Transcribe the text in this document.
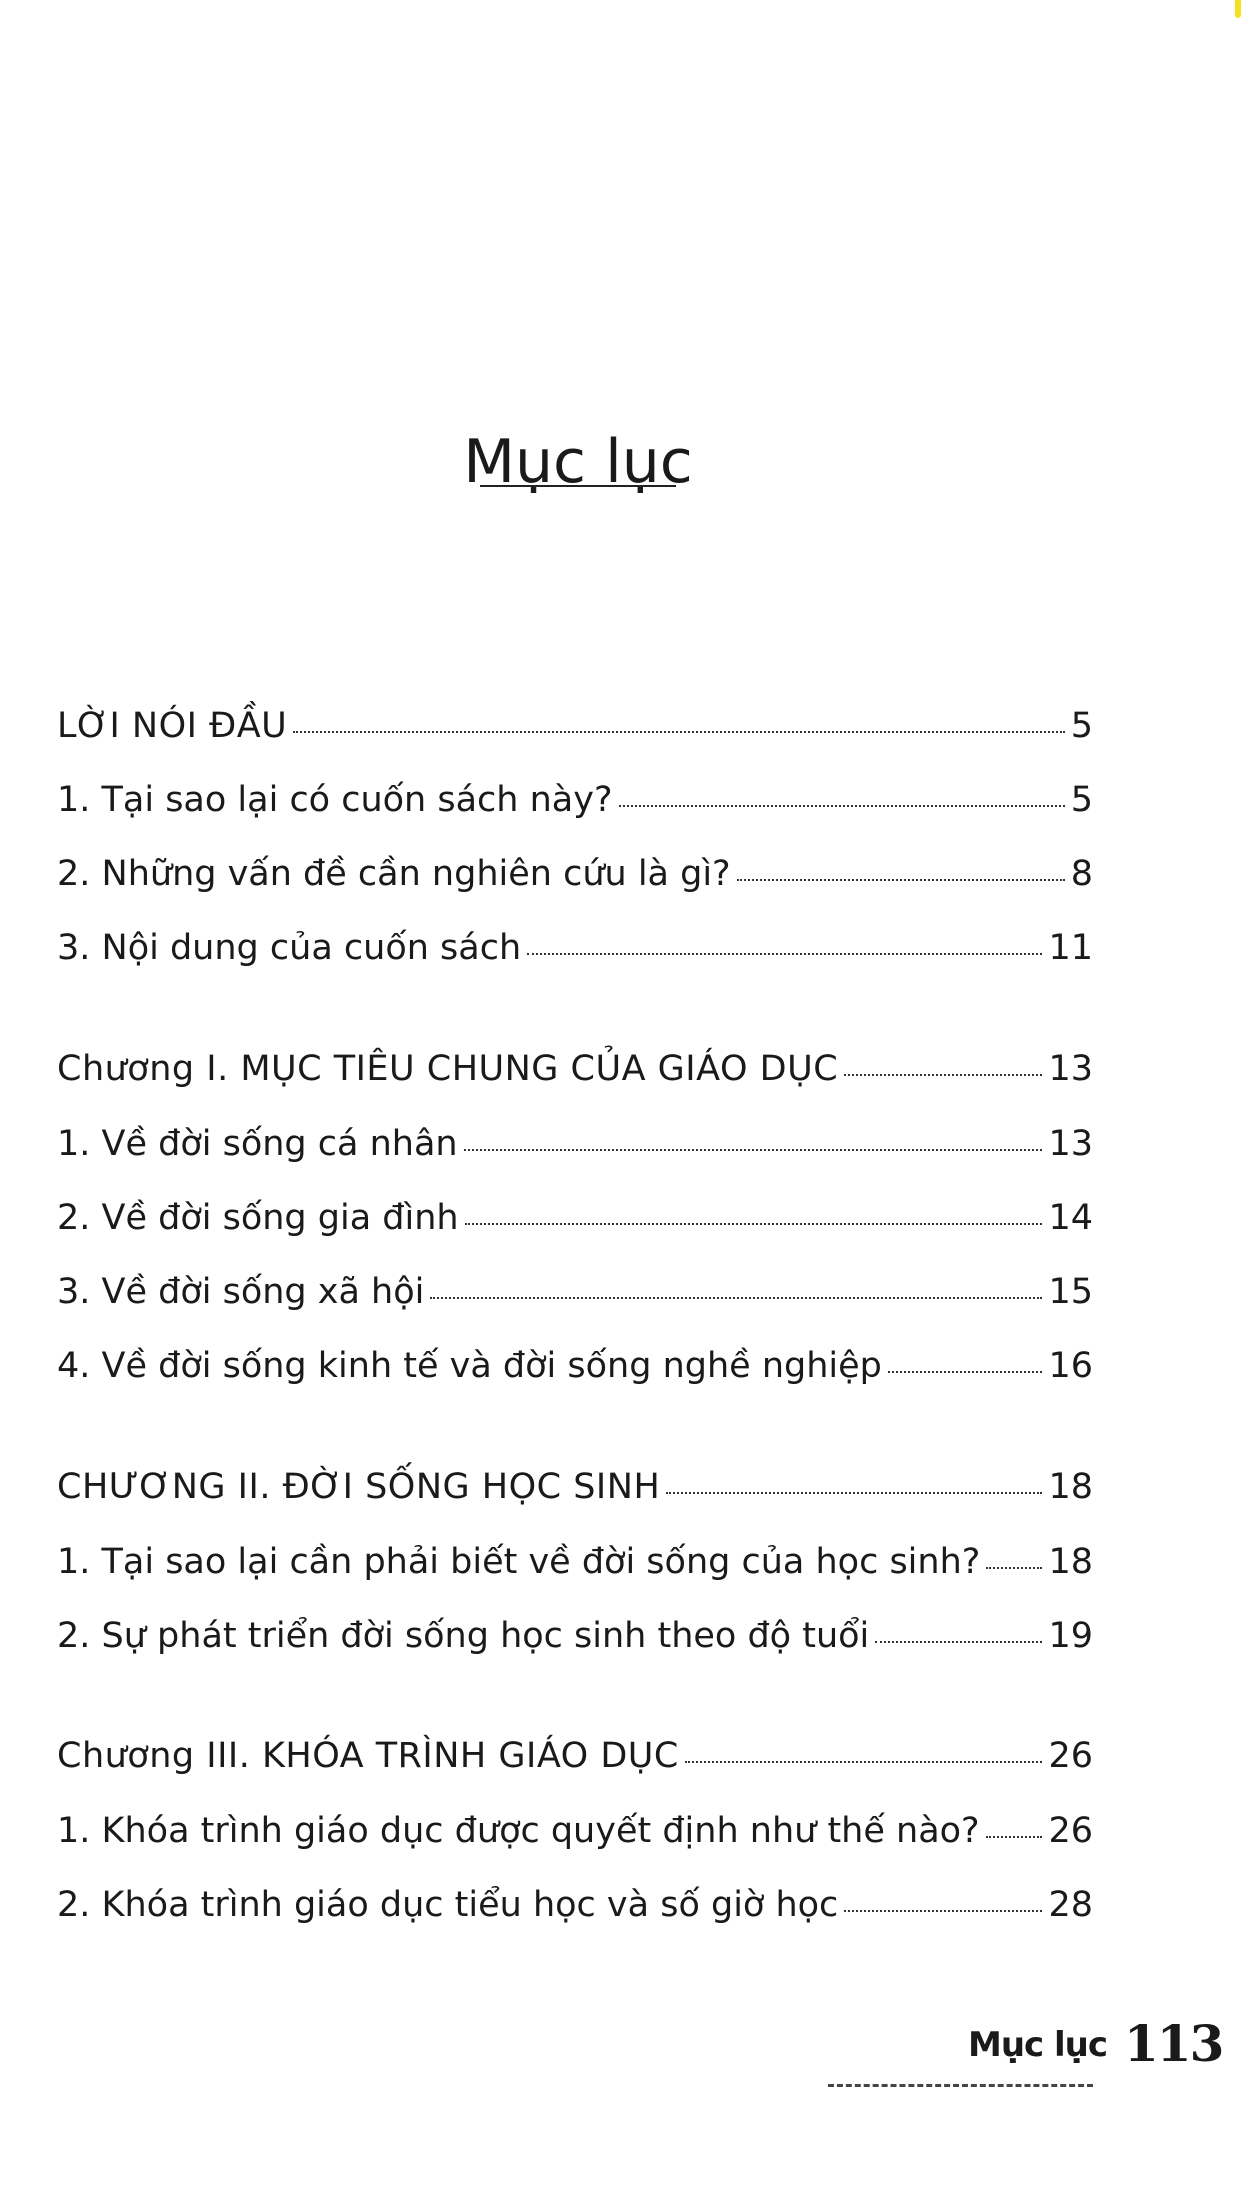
Mục lục
LỜI NÓI ĐẦU	5
1. Tại sao lại có cuốn sách này?	5
2. Những vấn đề cần nghiên cứu là gì?	8
3. Nội dung của cuốn sách	11
Chương I. MỤC TIÊU CHUNG CỦA GIÁO DỤC	13
1. Về đời sống cá nhân	13
2. Về đời sống gia đình	14
3. Về đời sống xã hội	15
4. Về đời sống kinh tế và đời sống nghề nghiệp	16
CHƯƠNG II. ĐỜI SỐNG HỌC SINH	18
1. Tại sao lại cần phải biết về đời sống của học sinh? 18
2. Sự phát triển đời sống học sinh theo độ tuổi	19
Chương III. KHÓA TRÌNH GIÁO DỤC	26
1. Khóa trình giáo dục được quyết định như thế nào? 26
2. Khóa trình giáo dục tiểu học và số giờ học	28
Mục lục 113
